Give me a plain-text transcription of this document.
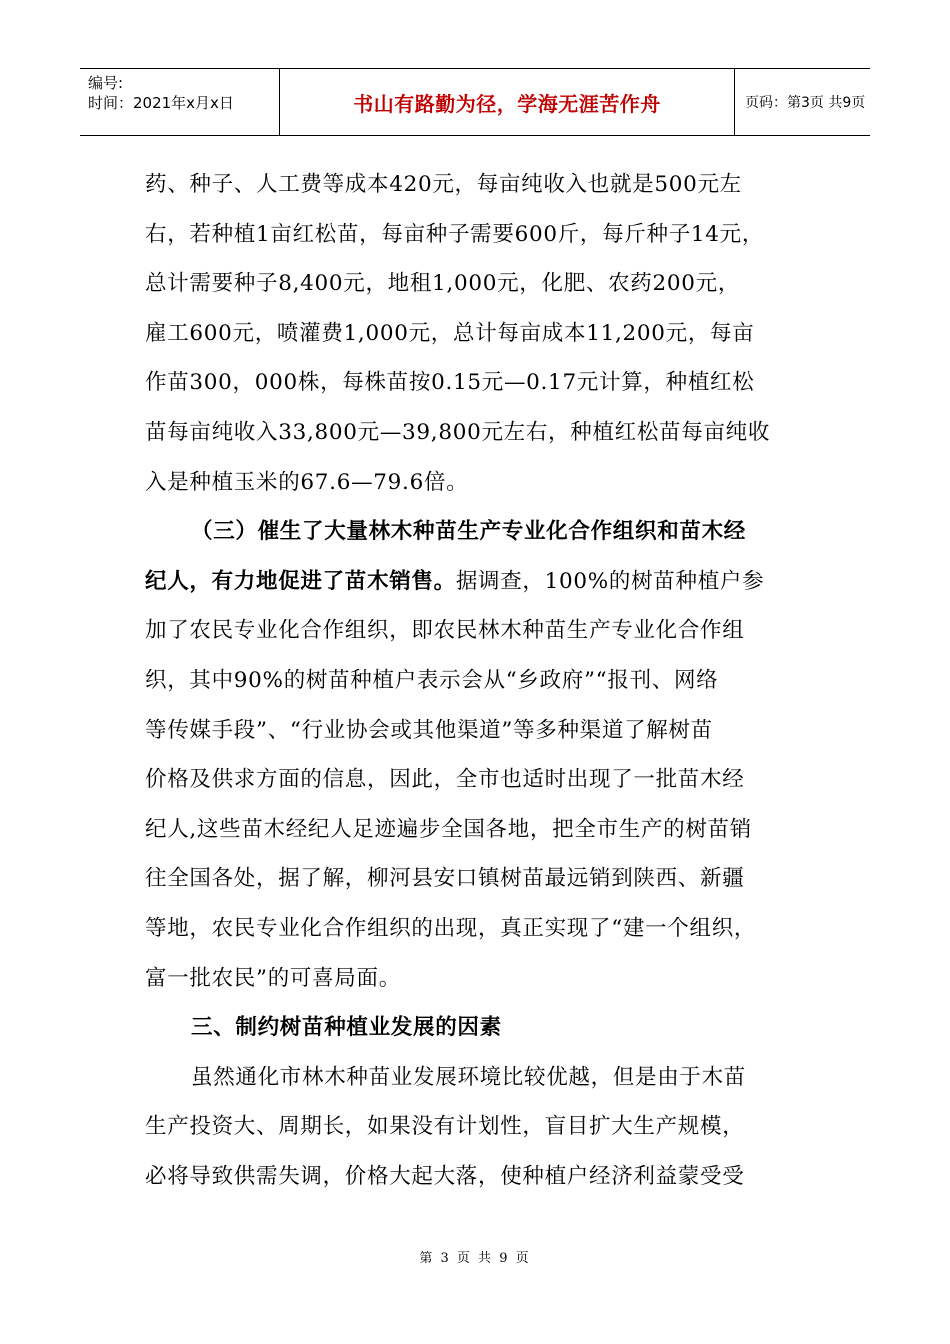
编号:
时间：2021年x月x日	书山有路勤为径，学海无涯苦作舟	页码：第3页 共9页
药、种子、人工费等成本420元，每亩纯收入也就是500元左
右，若种植1亩红松苗，每亩种子需要600斤，每斤种子14元，
总计需要种子8,400元，地租1,000元，化肥、农药200元，
雇工600元，喷灌费1,000元，总计每亩成本11,200元，每亩
作苗300，000株，每株苗按0.15元—0.17元计算，种植红松
苗每亩纯收入33,800元—39,800元左右，种植红松苗每亩纯收
入是种植玉米的67.6—79.6倍。
（三）催生了大量林木种苗生产专业化合作组织和苗木经
纪人，有力地促进了苗木销售。据调查，100%的树苗种植户参
加了农民专业化合作组织，即农民林木种苗生产专业化合作组
织，其中90%的树苗种植户表示会从“乡政府”“报刊、网络
等传媒手段”、“行业协会或其他渠道”等多种渠道了解树苗
价格及供求方面的信息，因此，全市也适时出现了一批苗木经
纪人,这些苗木经纪人足迹遍步全国各地，把全市生产的树苗销
往全国各处，据了解，柳河县安口镇树苗最远销到陕西、新疆
等地，农民专业化合作组织的出现，真正实现了“建一个组织，
富一批农民”的可喜局面。
三、制约树苗种植业发展的因素
虽然通化市林木种苗业发展环境比较优越，但是由于木苗
生产投资大、周期长，如果没有计划性，盲目扩大生产规模，
必将导致供需失调，价格大起大落，使种植户经济利益蒙受受
第 3 页 共 9 页
